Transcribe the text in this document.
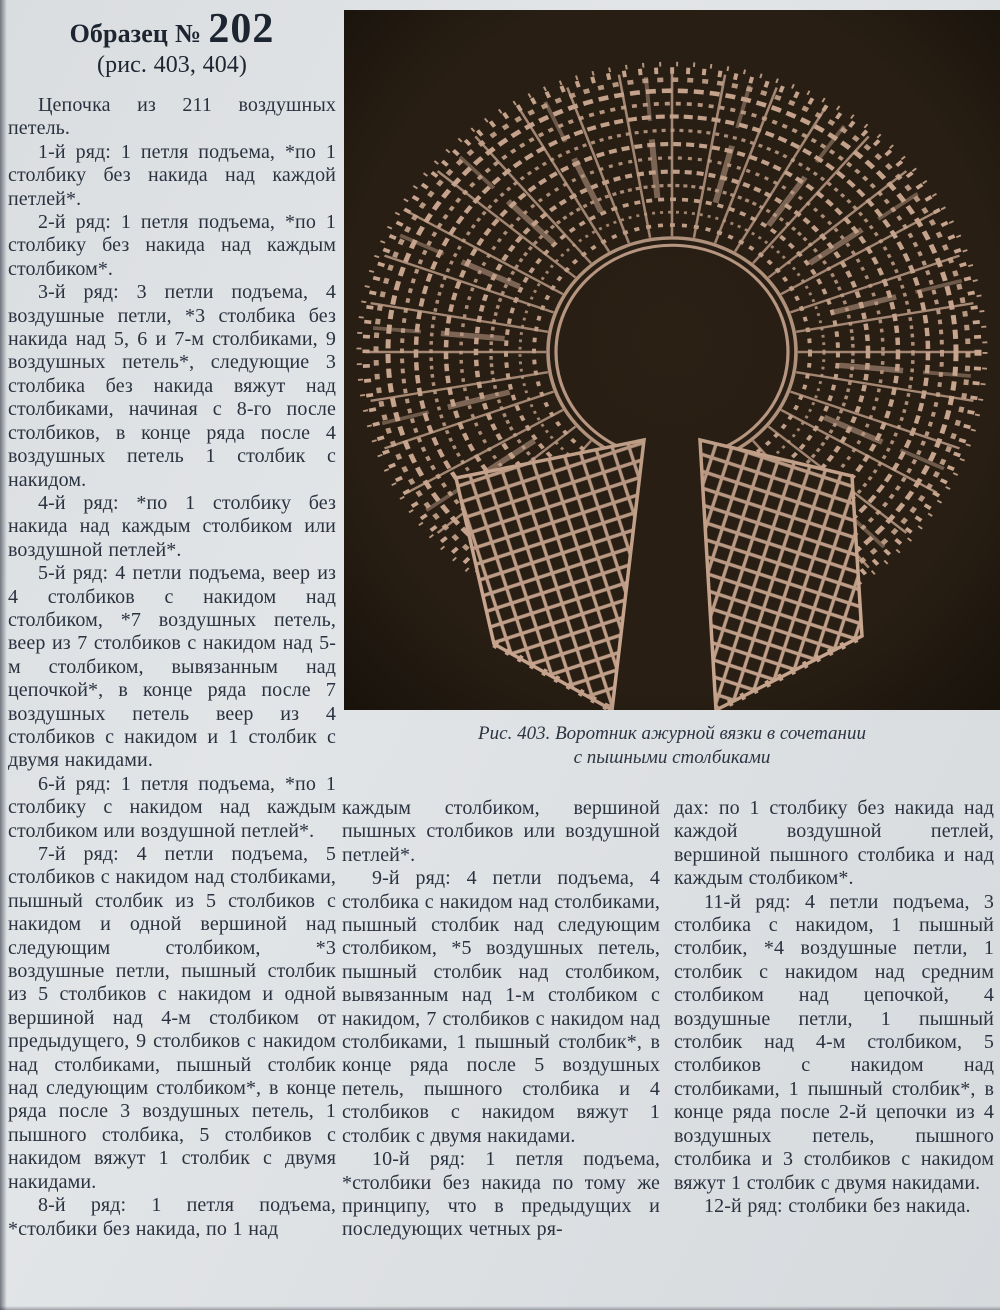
Образец № 202
(рис. 403, 404)

Цепочка из 211 воздушных петель.

1-й ряд: 1 петля подъема, *по 1 столбику без накида над каждой петлей*.

2-й ряд: 1 петля подъема, *по 1 столбику без накида над каждым столбиком*.

3-й ряд: 3 петли подъема, 4 воздушные петли, *3 столбика без накида над 5, 6 и 7-м столбиками, 9 воздушных петель*, следующие 3 столбика без накида вяжут над столбиками, начиная с 8-го после столбиков, в конце ряда после 4 воздушных петель 1 столбик с накидом.

4-й ряд: *по 1 столбику без накида над каждым столбиком или воздушной петлей*.

5-й ряд: 4 петли подъема, веер из 4 столбиков с накидом над столбиком, *7 воздушных петель, веер из 7 столбиков с накидом над 5-м столбиком, вывязанным над цепочкой*, в конце ряда после 7 воздушных петель веер из 4 столбиков с накидом и 1 столбик с двумя накидами.

6-й ряд: 1 петля подъема, *по 1 столбику с накидом над каждым столбиком или воздушной петлей*.

7-й ряд: 4 петли подъема, 5 столбиков с накидом над столбиками, пышный столбик из 5 столбиков с накидом и одной вершиной над следующим столбиком, *3 воздушные петли, пышный столбик из 5 столбиков с накидом и одной вершиной над 4-м столбиком от предыдущего, 9 столбиков с накидом над столбиками, пышный столбик над следующим столбиком*, в конце ряда после 3 воздушных петель, 1 пышного столбика, 5 столбиков с накидом вяжут 1 столбик с двумя накидами.

8-й ряд: 1 петля подъема, *столбики без накида, по 1 над

Рис. 403. Воротник ажурной вязки в сочетании
с пышными столбиками

каждым столбиком, вершиной пышных столбиков или воздушной петлей*.

9-й ряд: 4 петли подъема, 4 столбика с накидом над столбиками, пышный столбик над следующим столбиком, *5 воздушных петель, пышный столбик над столбиком, вывязанным над 1-м столбиком с накидом, 7 столбиков с накидом над столбиками, 1 пышный столбик*, в конце ряда после 5 воздушных петель, пышного столбика и 4 столбиков с накидом вяжут 1 столбик с двумя накидами.

10-й ряд: 1 петля подъема, *столбики без накида по тому же принципу, что в предыдущих и последующих четных ря-

дах: по 1 столбику без накида над каждой воздушной петлей, вершиной пышного столбика и над каждым столбиком*.

11-й ряд: 4 петли подъема, 3 столбика с накидом, 1 пышный столбик, *4 воздушные петли, 1 столбик с накидом над средним столбиком над цепочкой, 4 воздушные петли, 1 пышный столбик над 4-м столбиком, 5 столбиков с накидом над столбиками, 1 пышный столбик*, в конце ряда после 2-й цепочки из 4 воздушных петель, пышного столбика и 3 столбиков с накидом вяжут 1 столбик с двумя накидами.

12-й ряд: столбики без накида.
